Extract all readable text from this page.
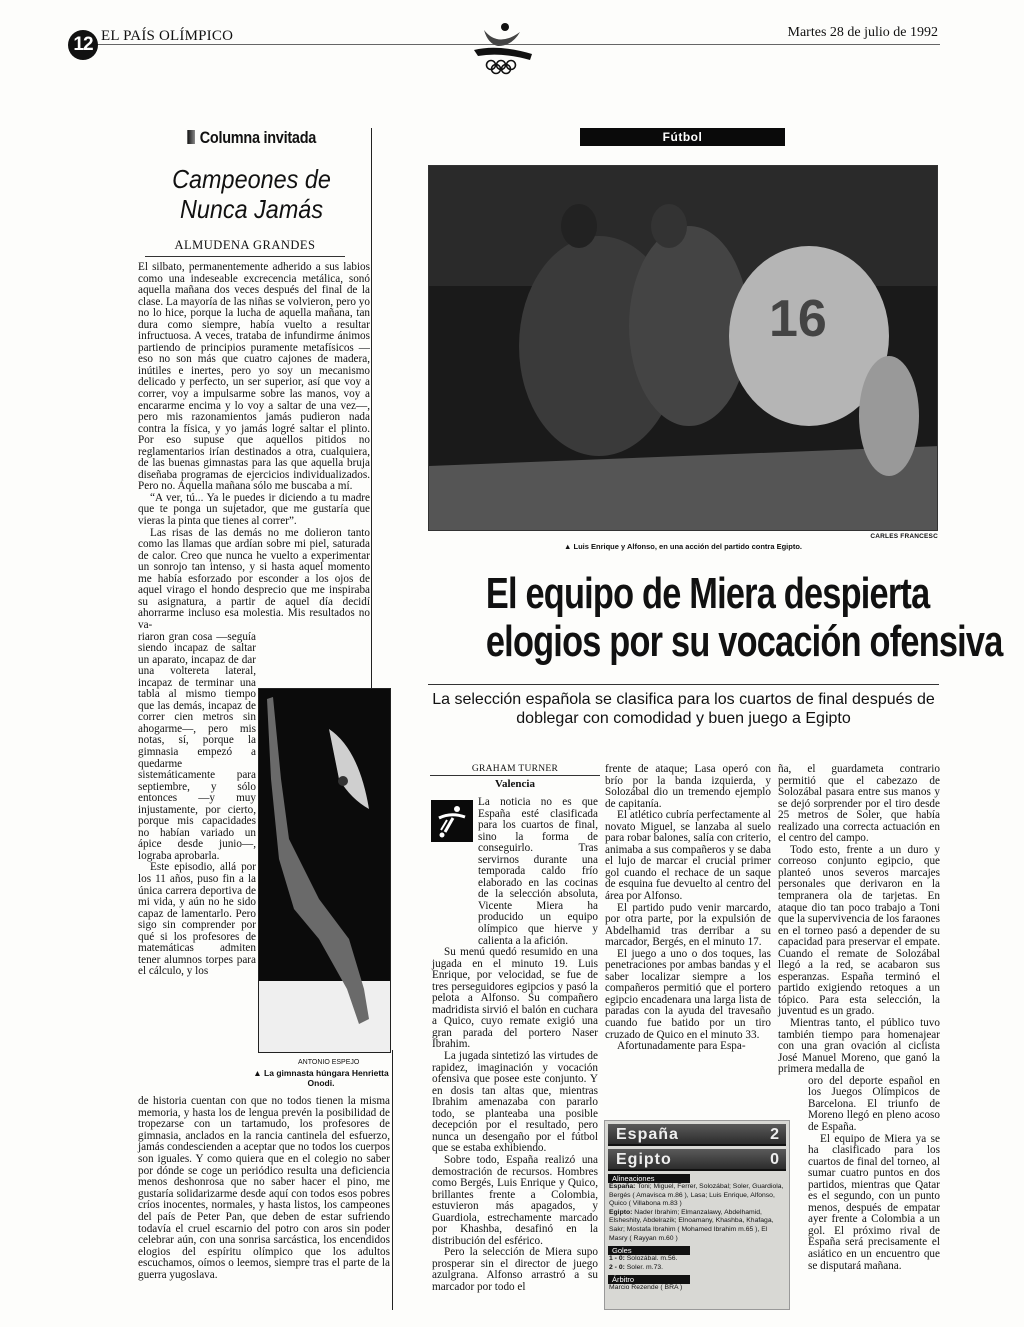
12 EL PAÍS OLÍMPICO	Martes 28 de julio de 1992
Columna invitada
Campeones de
Nunca Jamás
ALMUDENA GRANDES

El silbato, permanentemente adherido a sus labios como una indeseable excrecencia metálica, sonó aquella mañana dos veces después del final de la clase. La mayoría de las niñas se volvieron, pero yo no lo hice, porque la lucha de aquella mañana, tan dura como siempre, había vuelto a resultar infructuosa. A veces, trataba de infundirme ánimos partiendo de principios puramente metafísicos —eso no son más que cuatro cajones de madera, inútiles e inertes, pero yo soy un mecanismo delicado y perfecto, un ser superior, así que voy a correr, voy a impulsarme sobre las manos, voy a encararme encima y lo voy a saltar de una vez—, pero mis razonamientos jamás pudieron nada contra la física, y yo jamás logré saltar el plinto. Por eso supuse que aquellos pitidos no reglamentarios irían destinados a otra, cualquiera, de las buenas gimnastas para las que aquella bruja diseñaba programas de ejercicios individualizados. Pero no. Aquella mañana sólo me buscaba a mí.

“A ver, tú... Ya le puedes ir diciendo a tu madre que te ponga un sujetador, que me gustaría que vieras la pinta que tienes al correr”.

Las risas de las demás no me dolieron tanto como las llamas que ardían sobre mi piel, saturada de calor. Creo que nunca he vuelto a experimentar un sonrojo tan intenso, y si hasta aquel momento me había esforzado por esconder a los ojos de aquel virago el hondo desprecio que me inspiraba su asignatura, a partir de aquel día decidí ahorrarme incluso esa molestia. Mis resultados no va-

riaron gran cosa —seguía siendo incapaz de saltar un aparato, incapaz de dar una voltereta lateral, incapaz de terminar una tabla al mismo tiempo que las demás, incapaz de correr cien metros sin ahogarme—, pero mis notas, sí, porque la gimnasia empezó a quedarme sistemáticamente para septiembre, y sólo entonces —y muy injustamente, por cierto, porque mis capacidades no habían variado un ápice desde junio—, lograba aprobarla.

Este episodio, allá por los 11 años, puso fin a la única carrera deportiva de mi vida, y aún no he sido capaz de lamentarlo. Pero sigo sin comprender por qué si los profesores de matemáticas admiten tener alumnos torpes para el cálculo, y los

ANTONIO ESPEJO
▲ La gimnasta húngara Henrietta Onodi.
de historia cuentan con que no todos tienen la misma memoria, y hasta los de lengua prevén la posibilidad de tropezarse con un tartamudo, los profesores de gimnasia, anclados en la rancia cantinela del esfuerzo, jamás condescienden a aceptar que no todos los cuerpos son iguales. Y como quiera que en el colegio no saber por dónde se coge un periódico resulta una deficiencia menos deshonrosa que no saber hacer el pino, me gustaría solidarizarme desde aquí con todos esos pobres críos inocentes, normales, y hasta listos, los campeones del país de Peter Pan, que deben de estar sufriendo todavía el cruel escarnio del potro con aros sin poder celebrar aún, con una sonrisa sarcástica, los encendidos elogios del espíritu olímpico que los adultos escuchamos, oímos o leemos, siempre tras el parte de la guerra yugoslava.
Fútbol
16
CARLES FRANCESC
▲ Luis Enrique y Alfonso, en una acción del partido contra Egipto.
El equipo de Miera despierta
elogios por su vocación ofensiva
La selección española se clasifica para los cuartos de final después de doblegar con comodidad y buen juego a Egipto
GRAHAM TURNER
Valencia

La noticia no es que España esté clasificada para los cuartos de final, sino la forma de conseguirlo. Tras servirnos durante una temporada caldo frío elaborado en las cocinas de la selección absoluta, Vicente Miera ha producido un equipo olímpico que hierve y calienta a la afición.

Su menú quedó resumido en una jugada en el minuto 19. Luis Enrique, por velocidad, se fue de tres perseguidores egipcios y pasó la pelota a Alfonso. Su compañero madridista sirvió el balón en cuchara a Quico, cuyo remate exigió una gran parada del portero Naser Ibrahim.

La jugada sintetizó las virtudes de rapidez, imaginación y vocación ofensiva que posee este conjunto. Y en dosis tan altas que, mientras Ibrahim amenazaba con pararlo todo, se planteaba una posible decepción por el resultado, pero nunca un desengaño por el fútbol que se estaba exhibiendo.

Sobre todo, España realizó una demostración de recursos. Hombres como Bergés, Luis Enrique y Quico, brillantes frente a Colombia, estuvieron más apagados, y Guardiola, estrechamente marcado por Khashba, desafinó en la distribución del esférico.

Pero la selección de Miera supo prosperar sin el director de juego azulgrana. Alfonso arrastró a su marcador por todo el

frente de ataque; Lasa operó con brío por la banda izquierda, y Solozábal dio un tremendo ejemplo de capitanía.

El atlético cubría perfectamente al novato Miguel, se lanzaba al suelo para robar balones, salía con criterio, animaba a sus compañeros y se daba el lujo de marcar el crucial primer gol cuando el rechace de un saque de esquina fue devuelto al centro del área por Alfonso.

El partido pudo venir marcardo, por otra parte, por la expulsión de Abdelhamid tras derribar a su marcador, Bergés, en el minuto 17.

El juego a uno o dos toques, las penetraciones por ambas bandas y el saber localizar siempre a los compañeros permitió que el portero egipcio encadenara una larga lista de paradas con la ayuda del travesaño cuando fue batido por un tiro cruzado de Quico en el minuto 33.

Afortunadamente para Espa-

ña, el guardameta contrario permitió que el cabezazo de Solozábal pasara entre sus manos y se dejó sorprender por el tiro desde 25 metros de Soler, que había realizado una correcta actuación en el centro del campo.

Todo esto, frente a un duro y correoso conjunto egipcio, que planteó unos severos marcajes personales que derivaron en la tempranera ola de tarjetas. En ataque dio tan poco trabajo a Toni que la supervivencia de los faraones en el torneo pasó a depender de su capacidad para preservar el empate. Cuando el remate de Solozábal llegó a la red, se acabaron sus esperanzas. España terminó el partido exigiendo retoques a un tópico. Para esta selección, la juventud es un grado.

Mientras tanto, el público tuvo también tiempo para homenajear con una gran ovación al ciclista José Manuel Moreno, que ganó la primera medalla de

oro del deporte español en los Juegos Olímpicos de Barcelona. El triunfo de Moreno llegó en pleno acoso de España.

El equipo de Miera ya se ha clasificado para los cuartos de final del torneo, al sumar cuatro puntos en dos partidos, mientras que Qatar es el segundo, con un punto menos, después de empatar ayer frente a Colombia a un gol. El próximo rival de España será precisamente el asiático en un encuentro que se disputará mañana.

España	2
Egipto	0
Alineaciones
España: Toni; Miguel, Ferrer, Solozábal; Soler, Guardiola, Bergés ( Amavisca m.86 ), Lasa; Luis Enrique, Alfonso, Quico ( Villabona m.83 )
Egipto: Nader Ibrahim; Elmanzalawy, Abdelhamid, Elsheshity, Abdelrazik; Elnoamany, Khashba, Khafaga, Sakr; Mostafa Ibrahim ( Mohamed Ibrahim m.65 ), El Masry ( Rayyan m.60 )
Goles
1 - 0: Solozábal. m.56.
2 - 0: Soler. m.73.
Árbitro
Marcio Rezende ( BRA )
